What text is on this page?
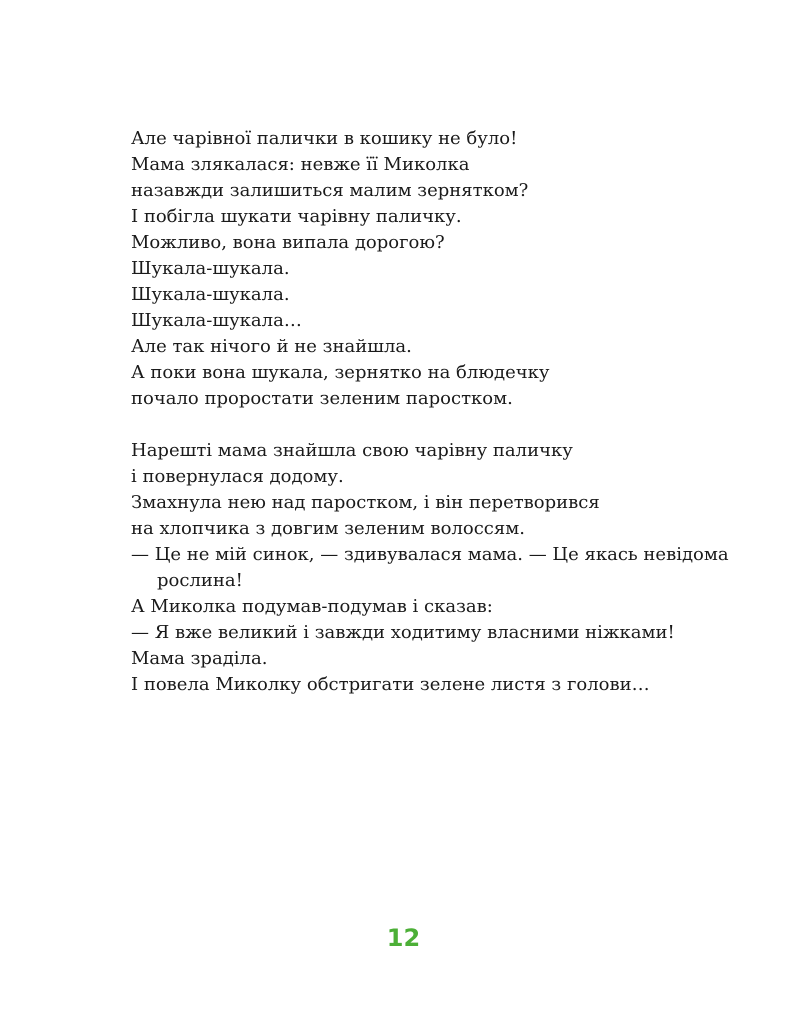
Але чарівної палички в кошику не було!
Мама злякалася: невже її Миколка
назавжди залишиться малим зернятком?
І побігла шукати чарівну паличку.
Можливо, вона випала дорогою?
Шукала-шукала.
Шукала-шукала.
Шукала-шукала…
Але так нічого й не знайшла.
А поки вона шукала, зернятко на блюдечку
почало проростати зеленим паростком.
Нарешті мама знайшла свою чарівну паличку
і повернулася додому.
Змахнула нею над паростком, і він перетворився
на хлопчика з довгим зеленим волоссям.
— Це не мій синок, — здивувалася мама. — Це якась невідома
рослина!
А Миколка подумав-подумав і сказав:
— Я вже великий і завжди ходитиму власними ніжками!
Мама зраділа.
І повела Миколку обстригати зелене листя з голови…
12
